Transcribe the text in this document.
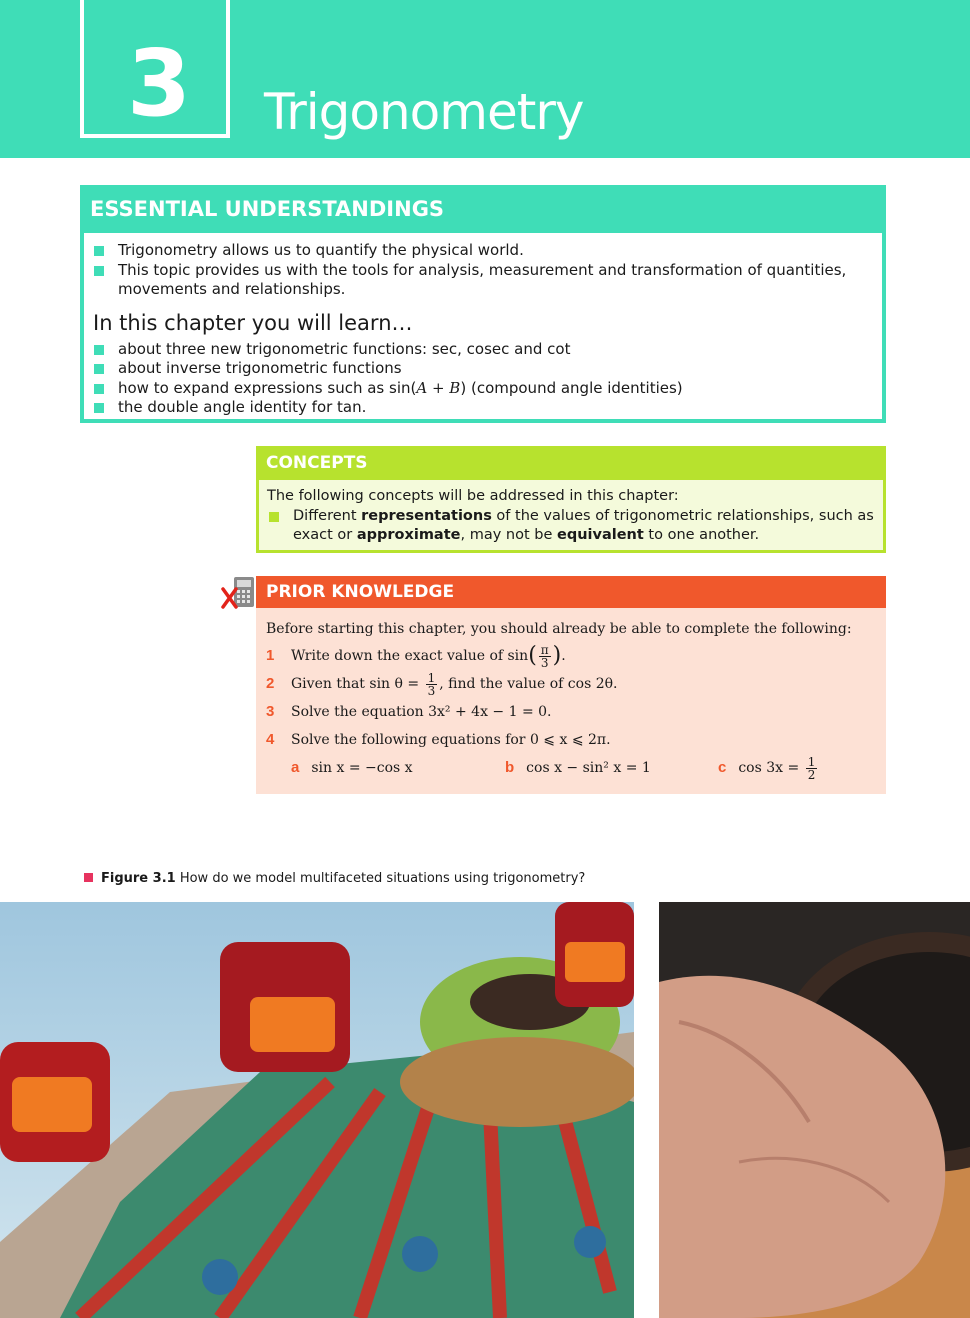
3	Trigonometry
ESSENTIAL UNDERSTANDINGS
Trigonometry allows us to quantify the physical world.
This topic provides us with the tools for analysis, measurement and transformation of quantities, movements and relationships.
In this chapter you will learn…
about three new trigonometric functions: sec, cosec and cot
about inverse trigonometric functions
how to expand expressions such as sin(A + B) (compound angle identities)
the double angle identity for tan.
CONCEPTS
The following concepts will be addressed in this chapter:
Different representations of the values of trigonometric relationships, such as exact or approximate, may not be equivalent to one another.
PRIOR KNOWLEDGE
Before starting this chapter, you should already be able to complete the following:
1 Write down the exact value of $\sin( \frac{\pi}{3}$ ).
2 Given that $\sin \theta = \frac{1}{3}$ , find the value of cos 2θ.
3 Solve the equation 3x² + 4x − 1 = 0.
4 Solve the following equations for 0 ⩽ x ⩽ 2π.
a sin x = −cos x	b cos x − sin² x = 1	c $\cos 3x = \frac{1}{2}$
Figure 3.1 How do we model multifaceted situations using trigonometry?
